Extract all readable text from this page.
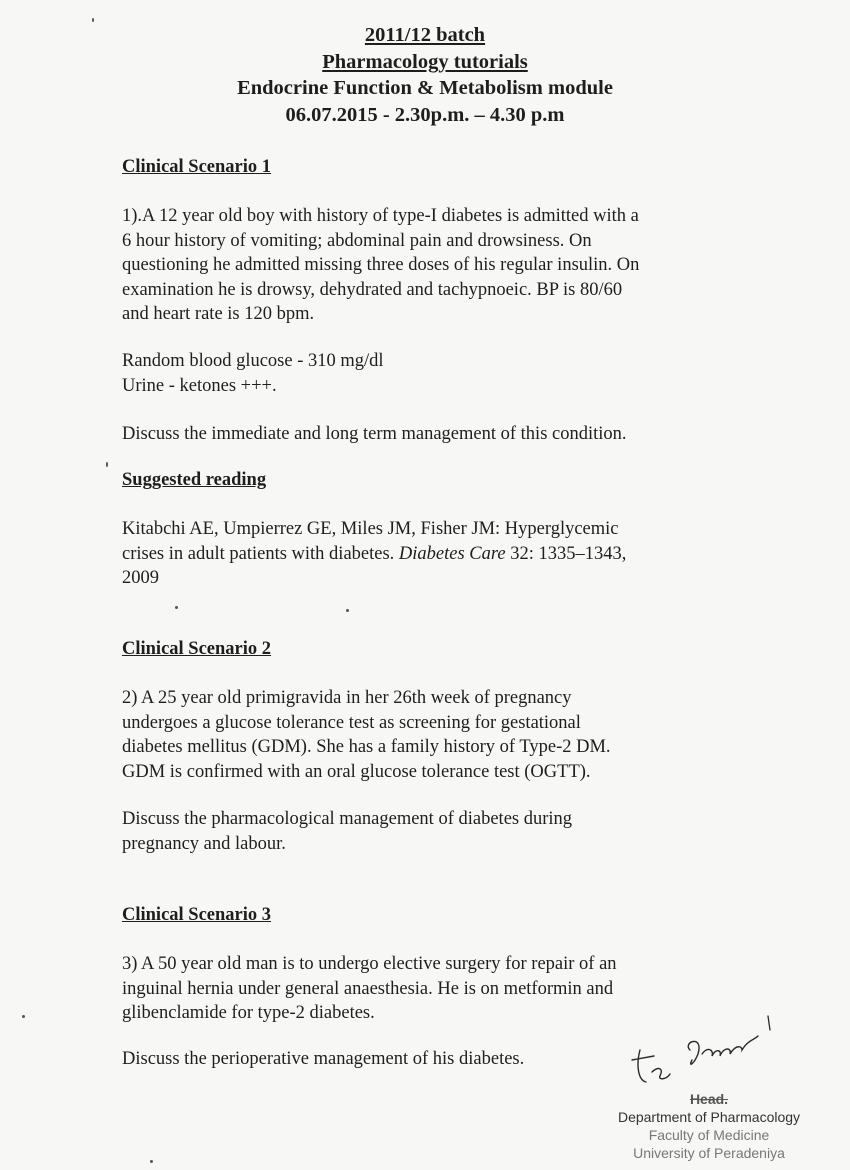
2011/12 batch
Pharmacology tutorials
Endocrine Function & Metabolism module
06.07.2015 - 2.30p.m. – 4.30 p.m
Clinical Scenario 1

1).A 12 year old boy with history of type-I diabetes is admitted with a
6 hour history of vomiting; abdominal pain and drowsiness. On
questioning he admitted missing three doses of his regular insulin. On
examination he is drowsy, dehydrated and tachypnoeic. BP is 80/60
and heart rate is 120 bpm.

Random blood glucose - 310 mg/dl
Urine - ketones +++.

Discuss the immediate and long term management of this condition.

Suggested reading

Kitabchi AE, Umpierrez GE, Miles JM, Fisher JM: Hyperglycemic
crises in adult patients with diabetes. Diabetes Care 32: 1335–1343,
2009

Clinical Scenario 2

2) A 25 year old primigravida in her 26th week of pregnancy
undergoes a glucose tolerance test as screening for gestational
diabetes mellitus (GDM). She has a family history of Type-2 DM.
GDM is confirmed with an oral glucose tolerance test (OGTT).

Discuss the pharmacological management of diabetes during
pregnancy and labour.

Clinical Scenario 3

3) A 50 year old man is to undergo elective surgery for repair of an
inguinal hernia under general anaesthesia. He is on metformin and
glibenclamide for type-2 diabetes.

Discuss the perioperative management of his diabetes.

Head.
Department of Pharmacology
Faculty of Medicine
University of Peradeniya
